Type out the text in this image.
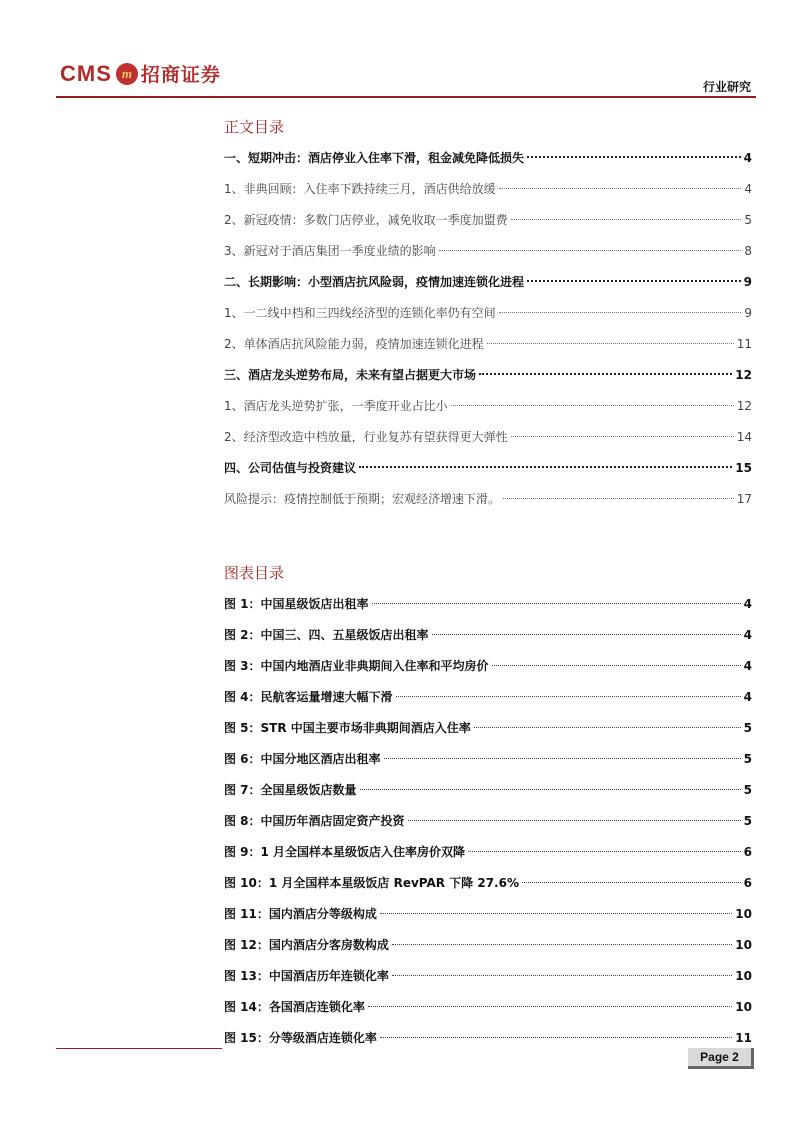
CMS m 招商证券
行业研究
正文目录
一、短期冲击：酒店停业入住率下滑，租金减免降低损失	4
1、非典回顾：入住率下跌持续三月，酒店供给放缓	4
2、新冠疫情：多数门店停业，减免收取一季度加盟费	5
3、新冠对于酒店集团一季度业绩的影响	8
二、长期影响：小型酒店抗风险弱，疫情加速连锁化进程	9
1、一二线中档和三四线经济型的连锁化率仍有空间	9
2、单体酒店抗风险能力弱，疫情加速连锁化进程	11
三、酒店龙头逆势布局，未来有望占据更大市场	12
1、酒店龙头逆势扩张，一季度开业占比小	12
2、经济型改造中档放量，行业复苏有望获得更大弹性	14
四、公司估值与投资建议	15
风险提示：疫情控制低于预期；宏观经济增速下滑。	17
图表目录
图 1：中国星级饭店出租率	4
图 2：中国三、四、五星级饭店出租率	4
图 3：中国内地酒店业非典期间入住率和平均房价	4
图 4：民航客运量增速大幅下滑	4
图 5：STR 中国主要市场非典期间酒店入住率	5
图 6：中国分地区酒店出租率	5
图 7：全国星级饭店数量	5
图 8：中国历年酒店固定资产投资	5
图 9：1 月全国样本星级饭店入住率房价双降	6
图 10：1 月全国样本星级饭店 RevPAR 下降 27.6%	6
图 11：国内酒店分等级构成	10
图 12：国内酒店分客房数构成	10
图 13：中国酒店历年连锁化率	10
图 14：各国酒店连锁化率	10
图 15：分等级酒店连锁化率	11
Page 2
